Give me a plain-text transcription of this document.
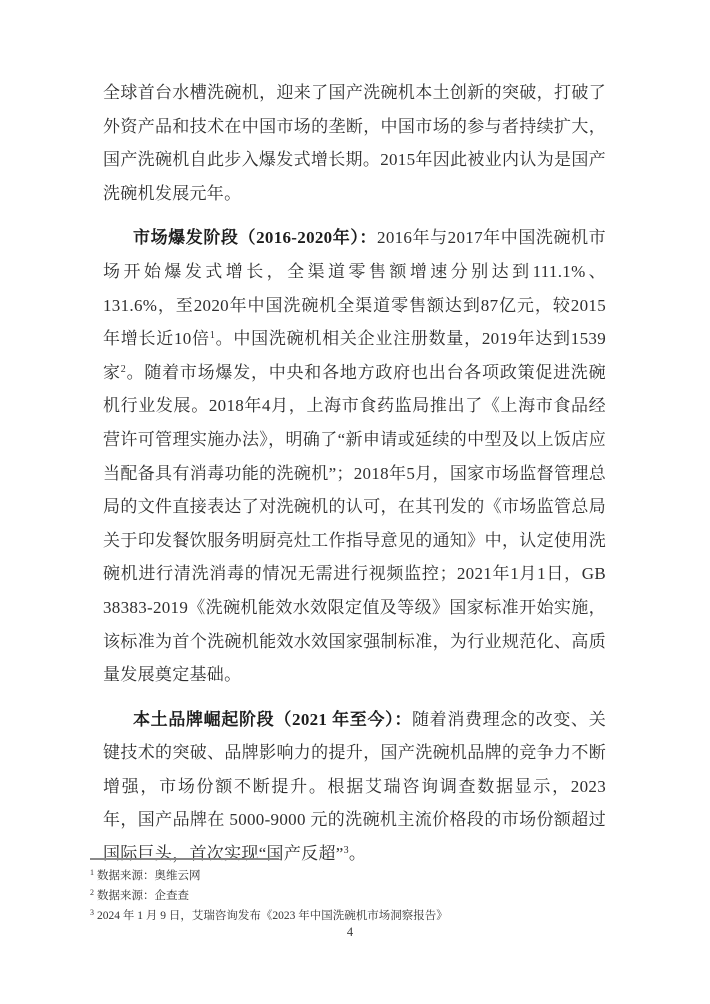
全球首台水槽洗碗机，迎来了国产洗碗机本土创新的突破，打破了外资产品和技术在中国市场的垄断，中国市场的参与者持续扩大，国产洗碗机自此步入爆发式增长期。2015年因此被业内认为是国产洗碗机发展元年。

市场爆发阶段（2016-2020年）：2016年与2017年中国洗碗机市场开始爆发式增长，全渠道零售额增速分别达到111.1%、131.6%，至2020年中国洗碗机全渠道零售额达到87亿元，较2015年增长近10倍$^1$。中国洗碗机相关企业注册数量，2019年达到1539家$^2$。随着市场爆发，中央和各地方政府也出台各项政策促进洗碗机行业发展。2018年4月，上海市食药监局推出了《上海市食品经营许可管理实施办法》，明确了“新申请或延续的中型及以上饭店应当配备具有消毒功能的洗碗机”；2018年5月，国家市场监督管理总局的文件直接表达了对洗碗机的认可，在其刊发的《市场监管总局关于印发餐饮服务明厨亮灶工作指导意见的通知》中，认定使用洗碗机进行清洗消毒的情况无需进行视频监控；2021年1月1日，GB 38383-2019《洗碗机能效水效限定值及等级》国家标准开始实施，该标准为首个洗碗机能效水效国家强制标准，为行业规范化、高质量发展奠定基础。

本土品牌崛起阶段（2021 年至今）：随着消费理念的改变、关键技术的突破、品牌影响力的提升，国产洗碗机品牌的竞争力不断增强，市场份额不断提升。根据艾瑞咨询调查数据显示，2023 年，国产品牌在 5000-9000 元的洗碗机主流价格段的市场份额超过国际巨头，首次实现“国产反超”$^3$。

$^1$ 数据来源：奥维云网
$^2$ 数据来源：企查查
$^3$ 2024 年 1 月 9 日，艾瑞咨询发布《2023 年中国洗碗机市场洞察报告》
4
